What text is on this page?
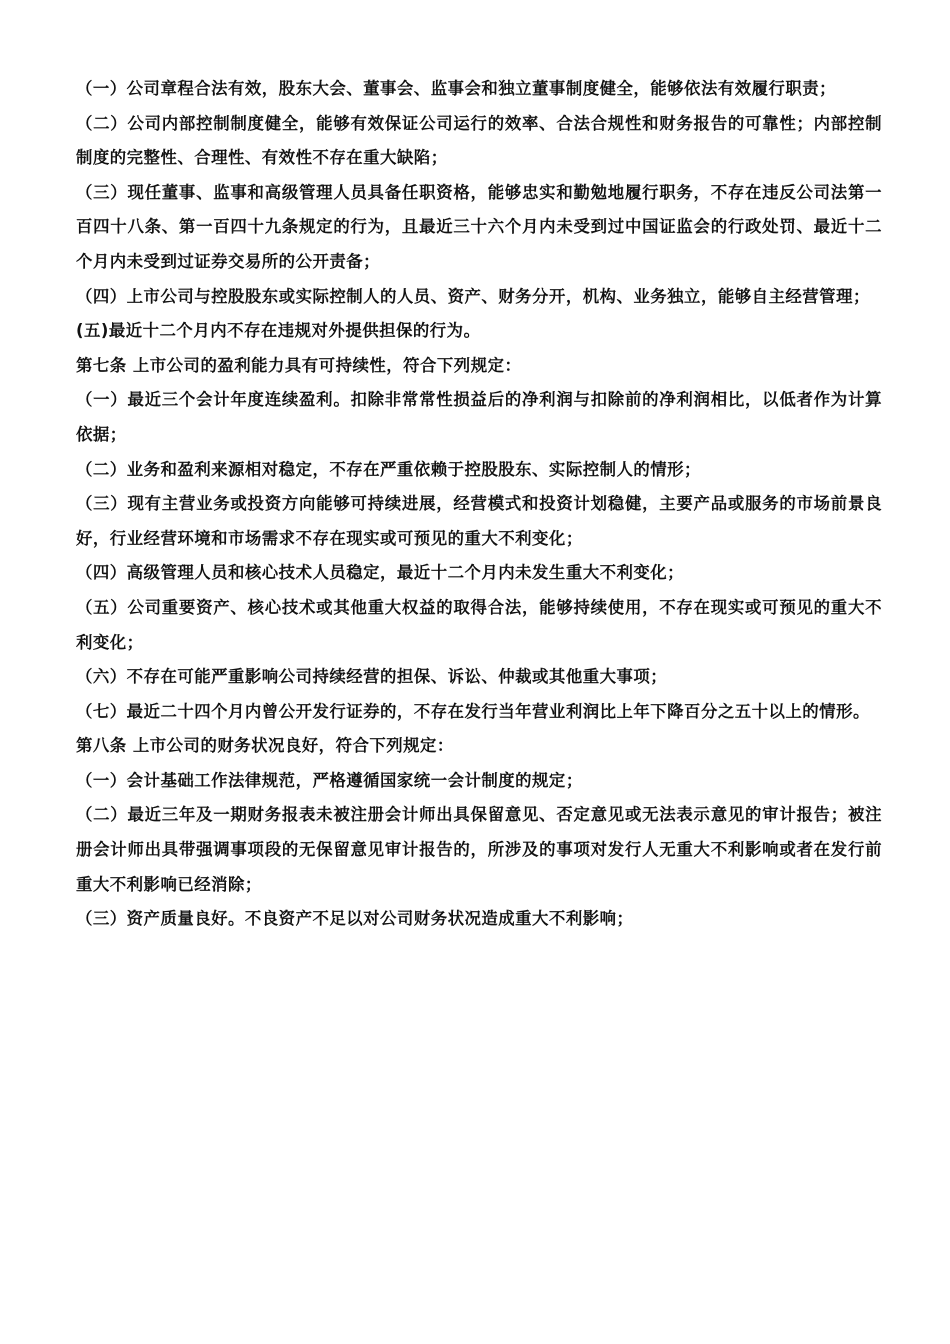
（一）公司章程合法有效，股东大会、董事会、监事会和独立董事制度健全，能够依法有效履行职责；

（二）公司内部控制制度健全，能够有效保证公司运行的效率、合法合规性和财务报告的可靠性；内部控制制度的完整性、合理性、有效性不存在重大缺陷；

（三）现任董事、监事和高级管理人员具备任职资格，能够忠实和勤勉地履行职务，不存在违反公司法第一百四十八条、第一百四十九条规定的行为，且最近三十六个月内未受到过中国证监会的行政处罚、最近十二个月内未受到过证券交易所的公开责备；

（四）上市公司与控股股东或实际控制人的人员、资产、财务分开，机构、业务独立，能够自主经营管理；

(五)最近十二个月内不存在违规对外提供担保的行为。

第七条 上市公司的盈利能力具有可持续性，符合下列规定：

（一）最近三个会计年度连续盈利。扣除非常常性损益后的净利润与扣除前的净利润相比，以低者作为计算依据；

（二）业务和盈利来源相对稳定，不存在严重依赖于控股股东、实际控制人的情形；

（三）现有主营业务或投资方向能够可持续进展，经营模式和投资计划稳健，主要产品或服务的市场前景良好，行业经营环境和市场需求不存在现实或可预见的重大不利变化；

（四）高级管理人员和核心技术人员稳定，最近十二个月内未发生重大不利变化；

（五）公司重要资产、核心技术或其他重大权益的取得合法，能够持续使用，不存在现实或可预见的重大不利变化；

（六）不存在可能严重影响公司持续经营的担保、诉讼、仲裁或其他重大事项；

（七）最近二十四个月内曾公开发行证券的，不存在发行当年营业利润比上年下降百分之五十以上的情形。

第八条 上市公司的财务状况良好，符合下列规定：

（一）会计基础工作法律规范，严格遵循国家统一会计制度的规定；

（二）最近三年及一期财务报表未被注册会计师出具保留意见、否定意见或无法表示意见的审计报告；被注册会计师出具带强调事项段的无保留意见审计报告的，所涉及的事项对发行人无重大不利影响或者在发行前重大不利影响已经消除；

（三）资产质量良好。不良资产不足以对公司财务状况造成重大不利影响；
